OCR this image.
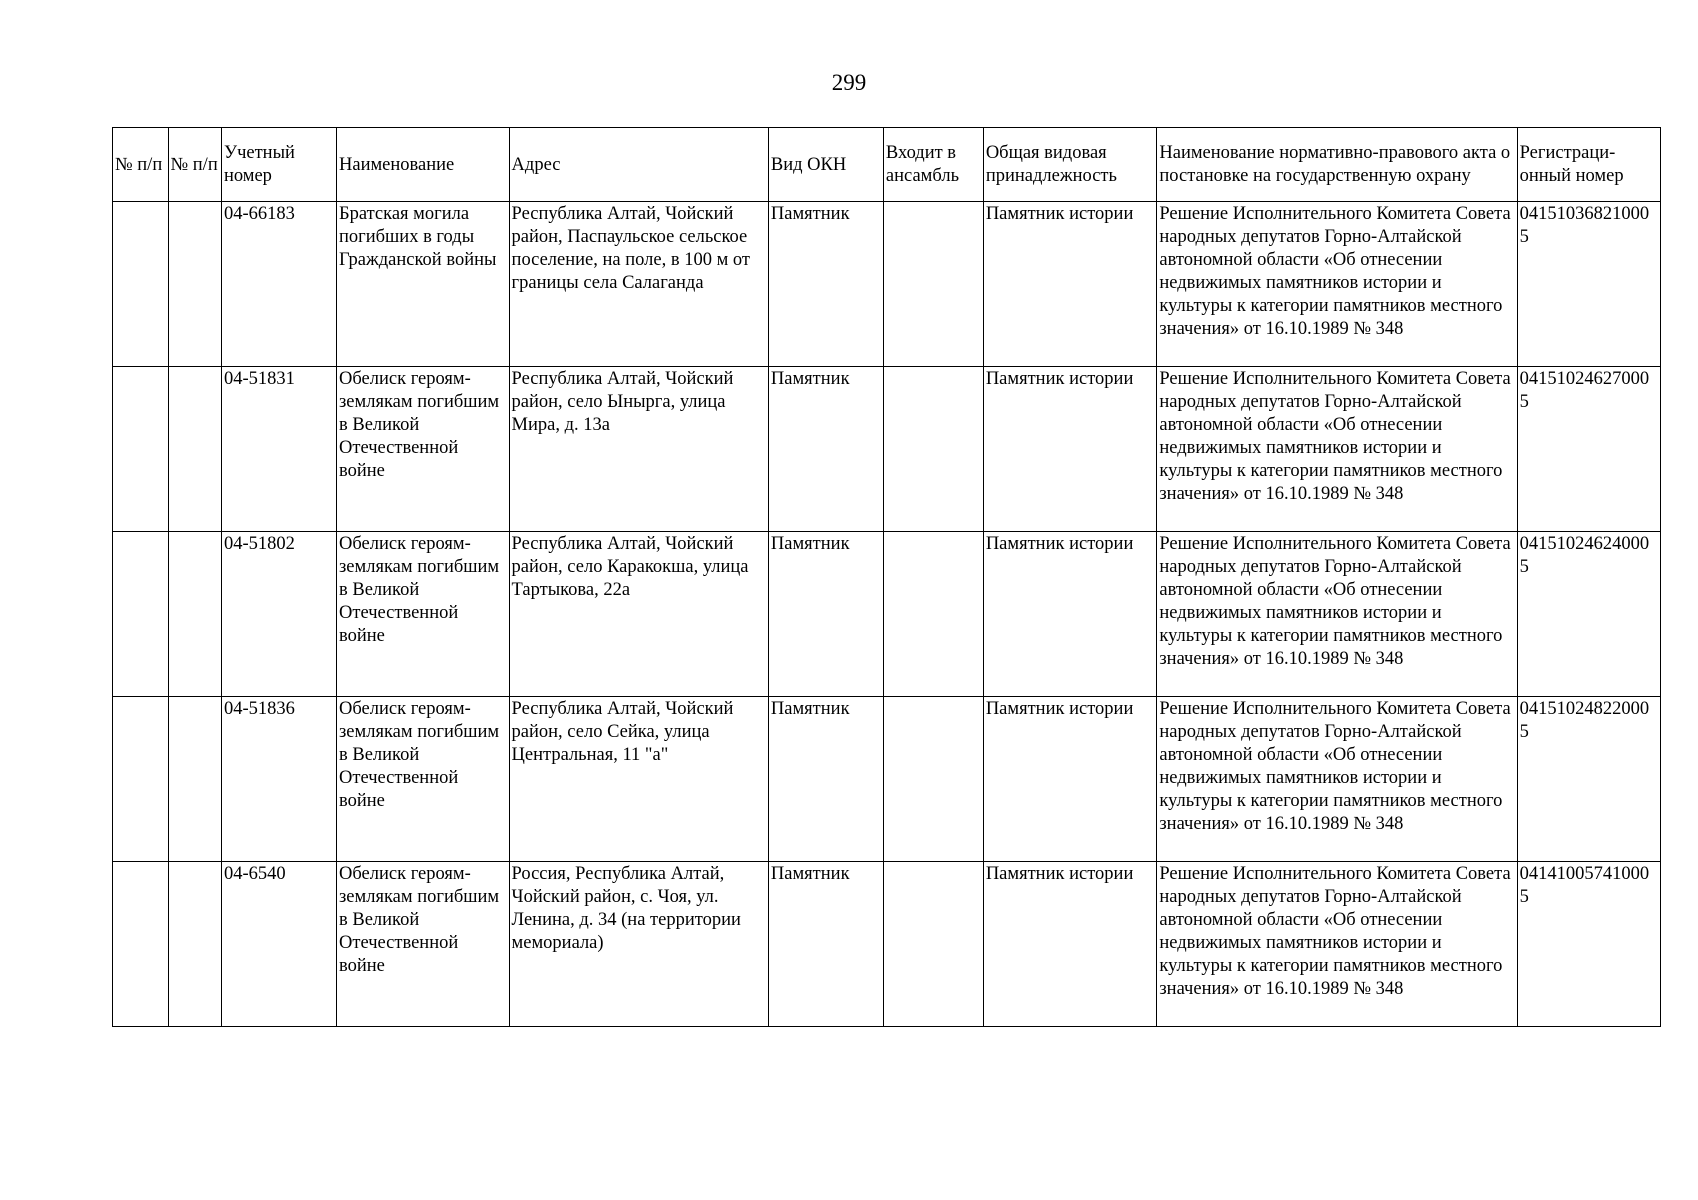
299
№ п/п	№ п/п	Учетный номер	Наименование	Адрес	Вид ОКН	Входит в ансамбль	Общая видовая принадлежность	Наименование нормативно-правового акта о постановке на государственную охрану	Регистраци-онный номер
		04-66183	Братская могила погибших в годы Гражданской войны	Республика Алтай, Чойский район, Паспаульское сельское поселение, на поле, в 100 м от границы села Салаганда	Памятник		Памятник истории	Решение Исполнительного Комитета Совета народных депутатов Горно-Алтайской автономной области «Об отнесении недвижимых памятников истории и культуры к категории памятников местного значения» от 16.10.1989 № 348	041510368210005
		04-51831	Обелиск героям-землякам погибшим в Великой Отечественной войне	Республика Алтай, Чойский район, село Ыныргa, улица Мира, д. 13а	Памятник		Памятник истории	Решение Исполнительного Комитета Совета народных депутатов Горно-Алтайской автономной области «Об отнесении недвижимых памятников истории и культуры к категории памятников местного значения» от 16.10.1989 № 348	041510246270005
		04-51802	Обелиск героям-землякам погибшим в Великой Отечественной войне	Республика Алтай, Чойский район, село Каракокша, улица Тартыкова, 22а	Памятник		Памятник истории	Решение Исполнительного Комитета Совета народных депутатов Горно-Алтайской автономной области «Об отнесении недвижимых памятников истории и культуры к категории памятников местного значения» от 16.10.1989 № 348	041510246240005
		04-51836	Обелиск героям-землякам погибшим в Великой Отечественной войне	Республика Алтай, Чойский район, село Сейка, улица Центральная, 11 "а"	Памятник		Памятник истории	Решение Исполнительного Комитета Совета народных депутатов Горно-Алтайской автономной области «Об отнесении недвижимых памятников истории и культуры к категории памятников местного значения» от 16.10.1989 № 348	041510248220005
		04-6540	Обелиск героям-землякам погибшим в Великой Отечественной войне	Россия, Республика Алтай, Чойский район, с. Чоя, ул. Ленина, д. 34 (на территории мемориала)	Памятник		Памятник истории	Решение Исполнительного Комитета Совета народных депутатов Горно-Алтайской автономной области «Об отнесении недвижимых памятников истории и культуры к категории памятников местного значения» от 16.10.1989 № 348	041410057410005
